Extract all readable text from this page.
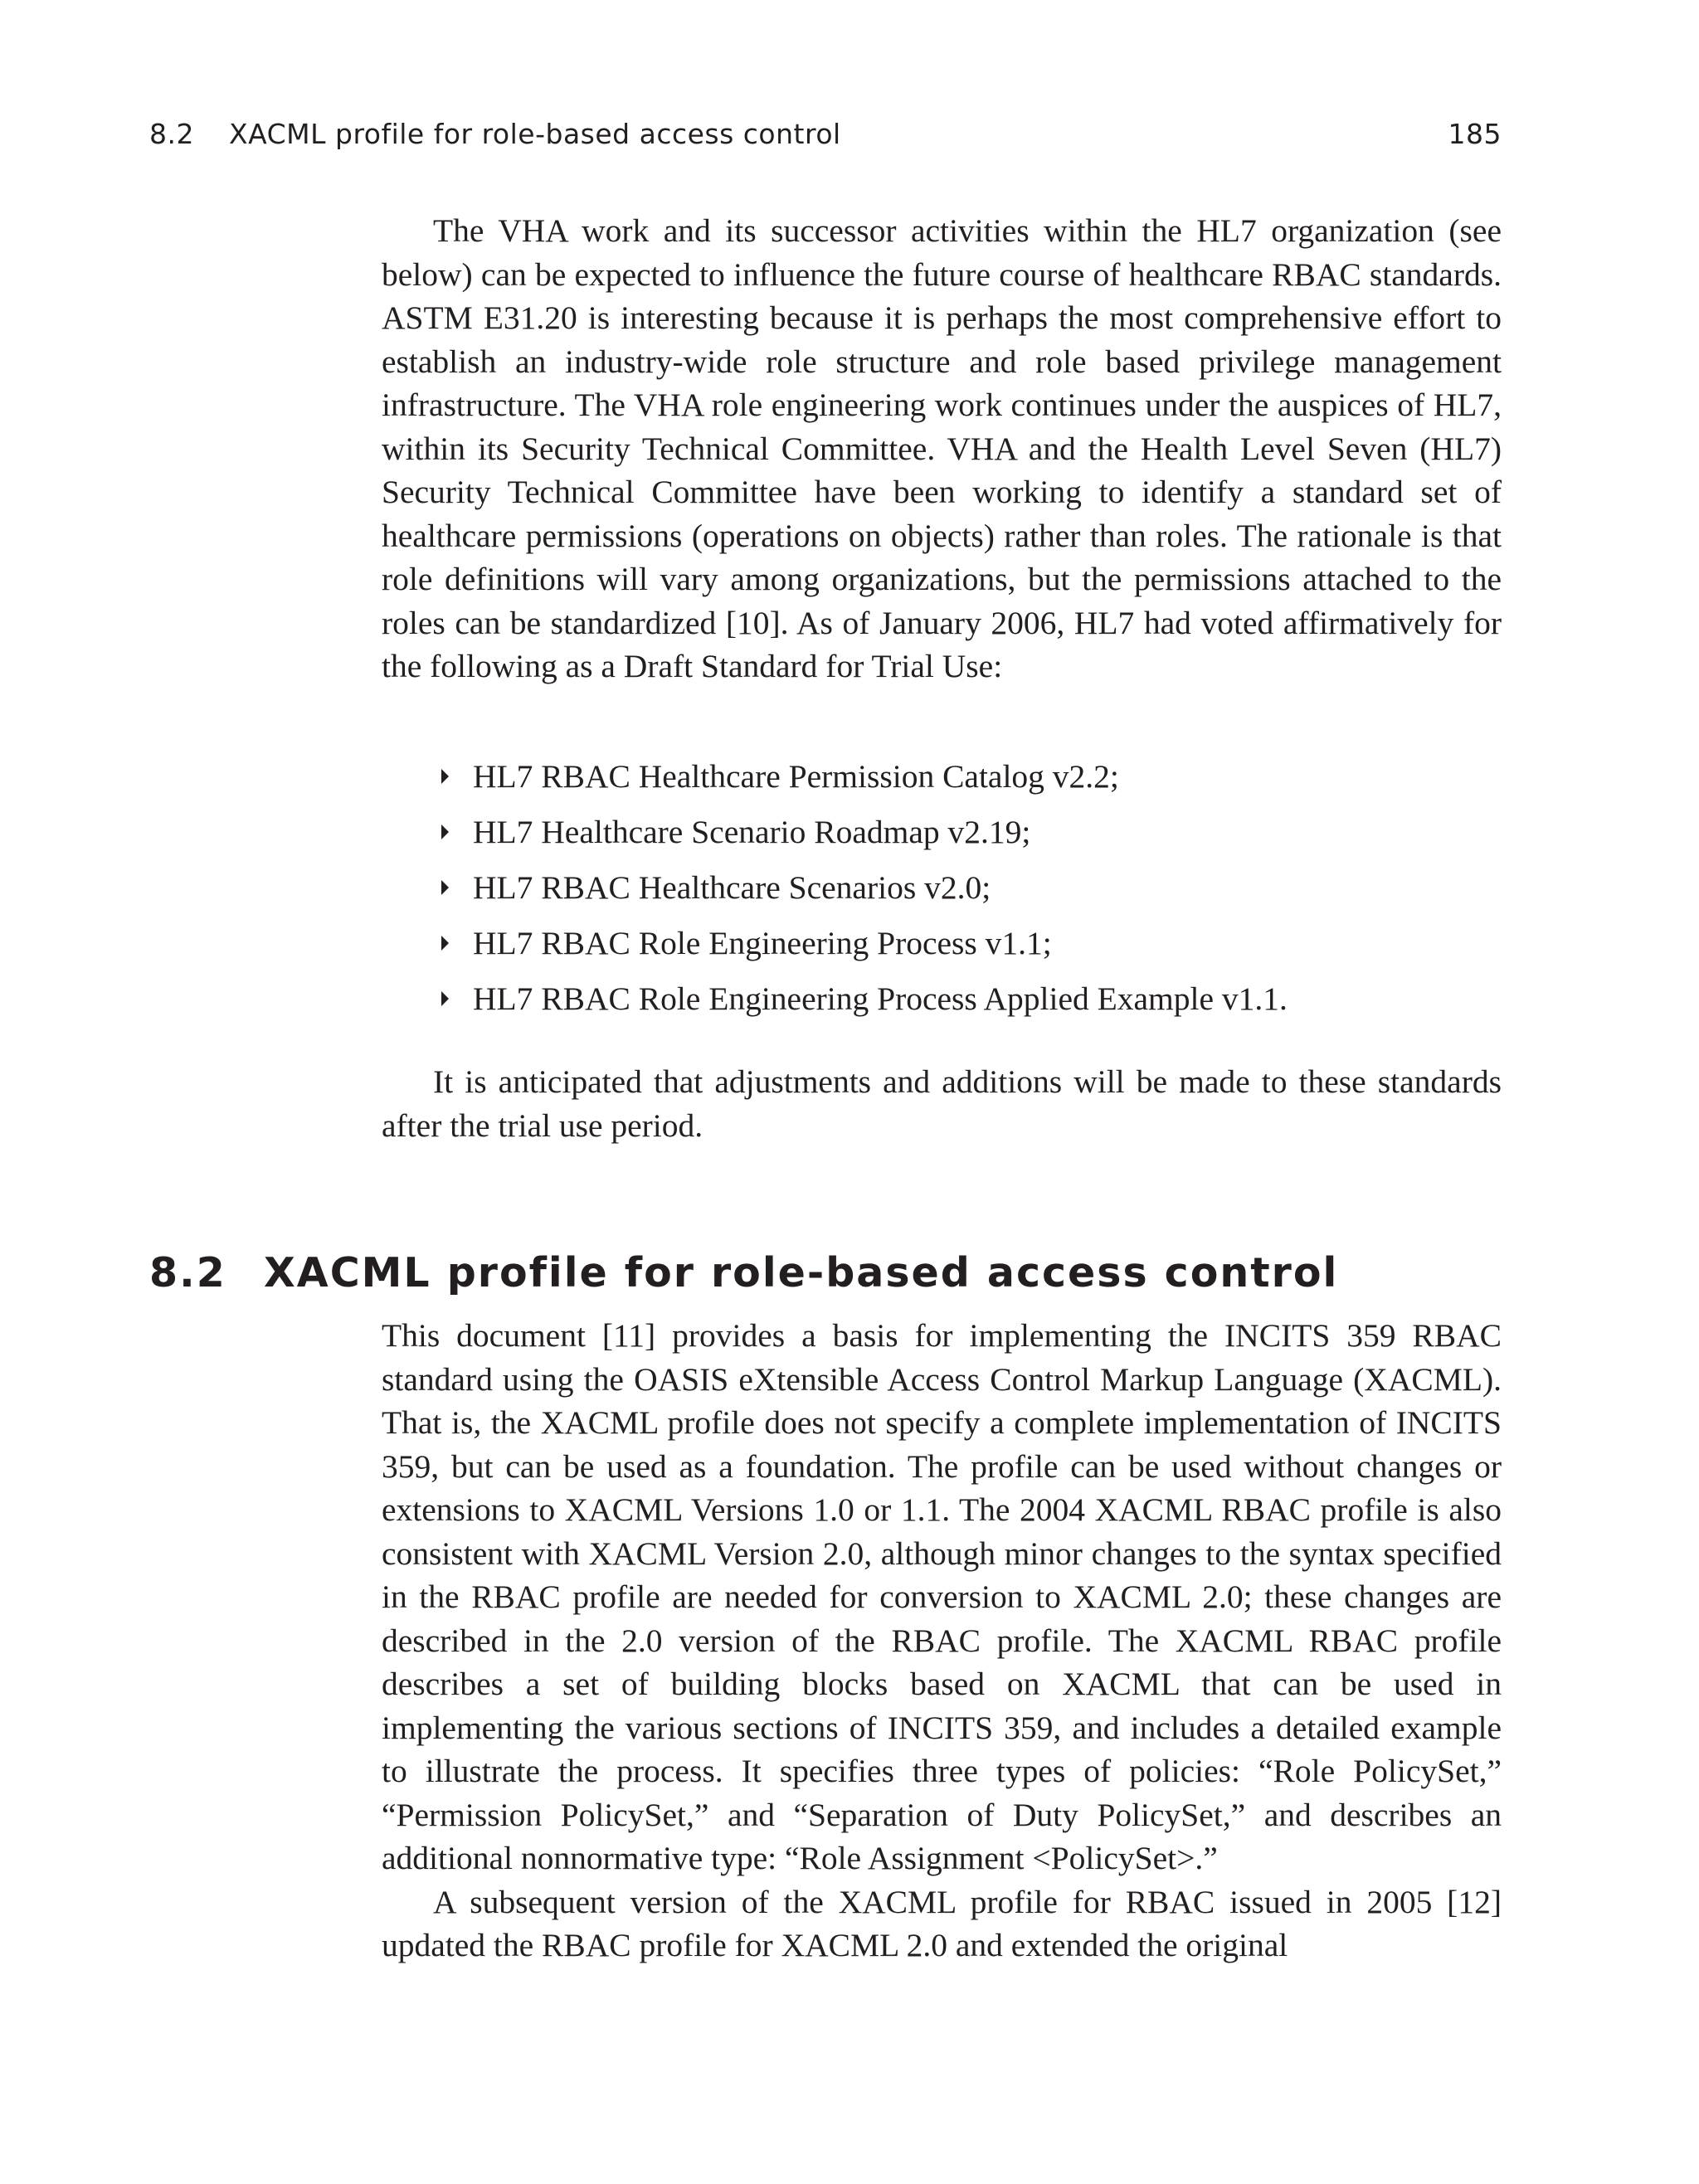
8.2 XACML profile for role-based access control	185

The VHA work and its successor activities within the HL7 organization (see below) can be expected to influence the future course of healthcare RBAC standards. ASTM E31.20 is interesting because it is perhaps the most comprehensive effort to establish an industry-wide role structure and role based privilege management infrastructure. The VHA role engineering work continues under the auspices of HL7, within its Security Technical Committee. VHA and the Health Level Seven (HL7) Security Technical Committee have been working to identify a standard set of healthcare permissions (operations on objects) rather than roles. The rationale is that role definitions will vary among organizations, but the permissions attached to the roles can be standardized [10]. As of January 2006, HL7 had voted affirmatively for the following as a Draft Standard for Trial Use:

HL7 RBAC Healthcare Permission Catalog v2.2;
HL7 Healthcare Scenario Roadmap v2.19;
HL7 RBAC Healthcare Scenarios v2.0;
HL7 RBAC Role Engineering Process v1.1;
HL7 RBAC Role Engineering Process Applied Example v1.1.

It is anticipated that adjustments and additions will be made to these standards after the trial use period.

8.2 XACML profile for role-based access control

This document [11] provides a basis for implementing the INCITS 359 RBAC standard using the OASIS eXtensible Access Control Markup Language (XACML). That is, the XACML profile does not specify a complete implementation of INCITS 359, but can be used as a foundation. The profile can be used without changes or extensions to XACML Versions 1.0 or 1.1. The 2004 XACML RBAC profile is also consistent with XACML Version 2.0, although minor changes to the syntax specified in the RBAC profile are needed for conversion to XACML 2.0; these changes are described in the 2.0 version of the RBAC profile. The XACML RBAC profile describes a set of building blocks based on XACML that can be used in implementing the various sections of INCITS 359, and includes a detailed example to illustrate the process. It specifies three types of policies: “Role PolicySet,” “Permission PolicySet,” and “Separation of Duty PolicySet,” and describes an additional nonnormative type: “Role Assignment <PolicySet>.”

A subsequent version of the XACML profile for RBAC issued in 2005 [12] updated the RBAC profile for XACML 2.0 and extended the original
